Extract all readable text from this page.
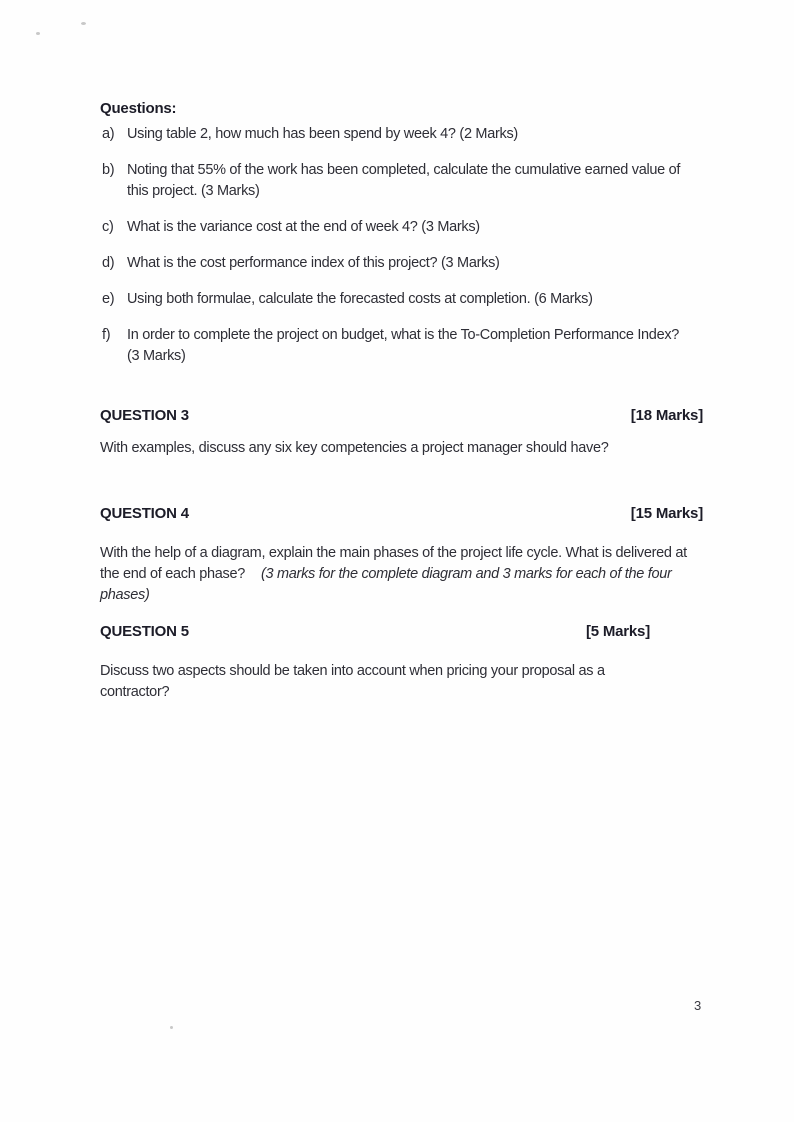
Questions:
a) Using table 2, how much has been spend by week 4? (2 Marks)
b) Noting that 55% of the work has been completed, calculate the cumulative earned value of this project. (3 Marks)
c) What is the variance cost at the end of week 4? (3 Marks)
d) What is the cost performance index of this project? (3 Marks)
e) Using both formulae, calculate the forecasted costs at completion. (6 Marks)
f)	In order to complete the project on budget, what is the To-Completion Performance Index? (3 Marks)
QUESTION 3	[18 Marks]
With examples, discuss any six key competencies a project manager should have?
QUESTION 4	[15 Marks]
With the help of a diagram, explain the main phases of the project life cycle. What is delivered at the end of each phase? (3 marks for the complete diagram and 3 marks for each of the four phases)
QUESTION 5	[5 Marks]
Discuss two aspects should be taken into account when pricing your proposal as a contractor?
3
